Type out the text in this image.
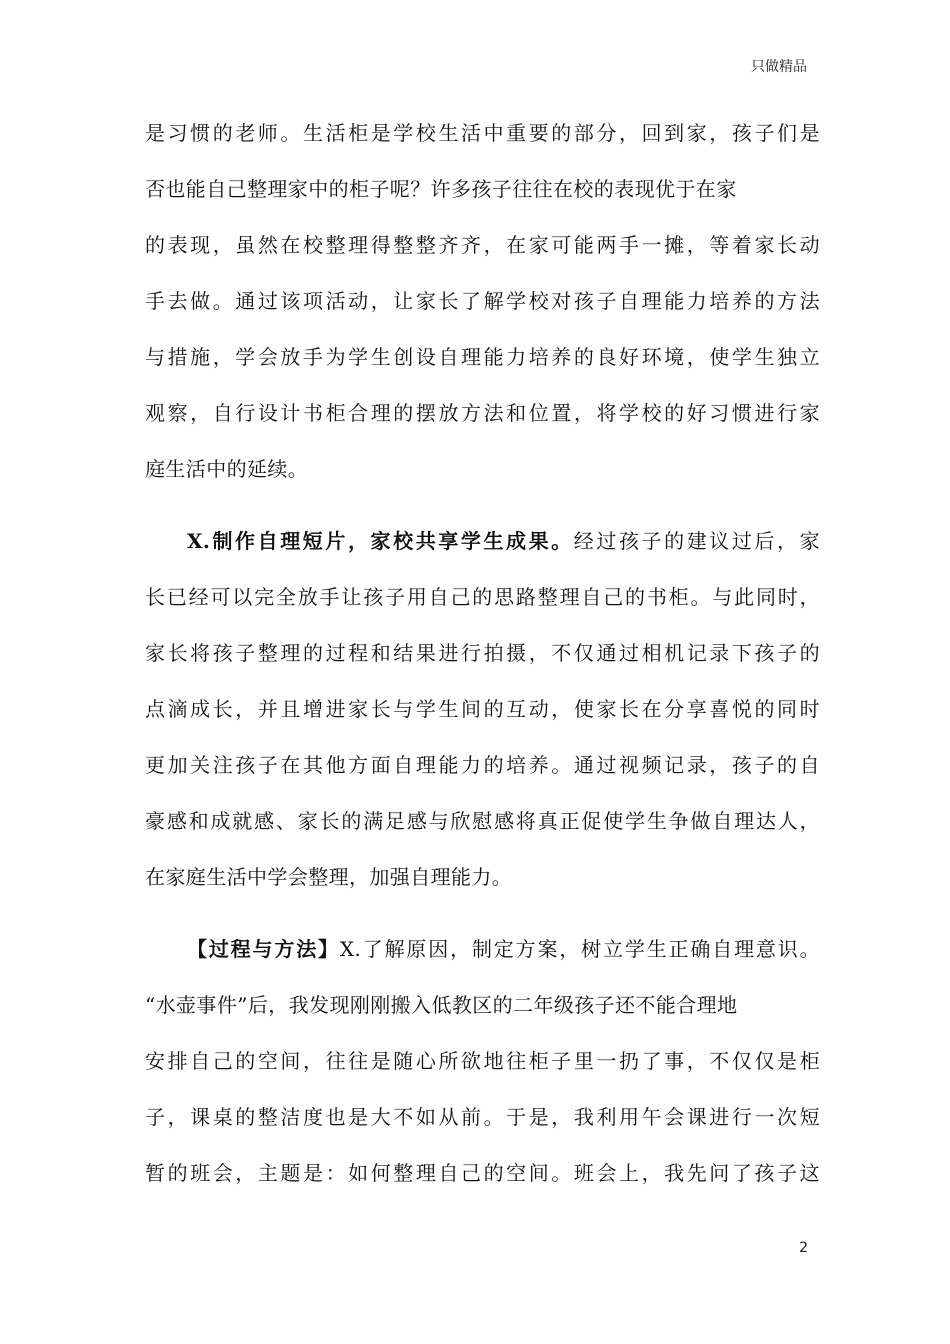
只做精品
是习惯的老师。生活柜是学校生活中重要的部分，回到家，孩子们是
否也能自己整理家中的柜子呢？许多孩子往往在校的表现优于在家
的表现，虽然在校整理得整整齐齐，在家可能两手一摊，等着家长动
手去做。通过该项活动，让家长了解学校对孩子自理能力培养的方法
与措施，学会放手为学生创设自理能力培养的良好环境，使学生独立
观察，自行设计书柜合理的摆放方法和位置，将学校的好习惯进行家
庭生活中的延续。
X.制作自理短片，家校共享学生成果。经过孩子的建议过后，家
长已经可以完全放手让孩子用自己的思路整理自己的书柜。与此同时，
家长将孩子整理的过程和结果进行拍摄，不仅通过相机记录下孩子的
点滴成长，并且增进家长与学生间的互动，使家长在分享喜悦的同时
更加关注孩子在其他方面自理能力的培养。通过视频记录，孩子的自
豪感和成就感、家长的满足感与欣慰感将真正促使学生争做自理达人，
在家庭生活中学会整理，加强自理能力。
【过程与方法】X.了解原因，制定方案，树立学生正确自理意识。
“水壶事件”后，我发现刚刚搬入低教区的二年级孩子还不能合理地
安排自己的空间，往往是随心所欲地往柜子里一扔了事，不仅仅是柜
子，课桌的整洁度也是大不如从前。于是，我利用午会课进行一次短
暂的班会，主题是：如何整理自己的空间。班会上，我先问了孩子这
2
